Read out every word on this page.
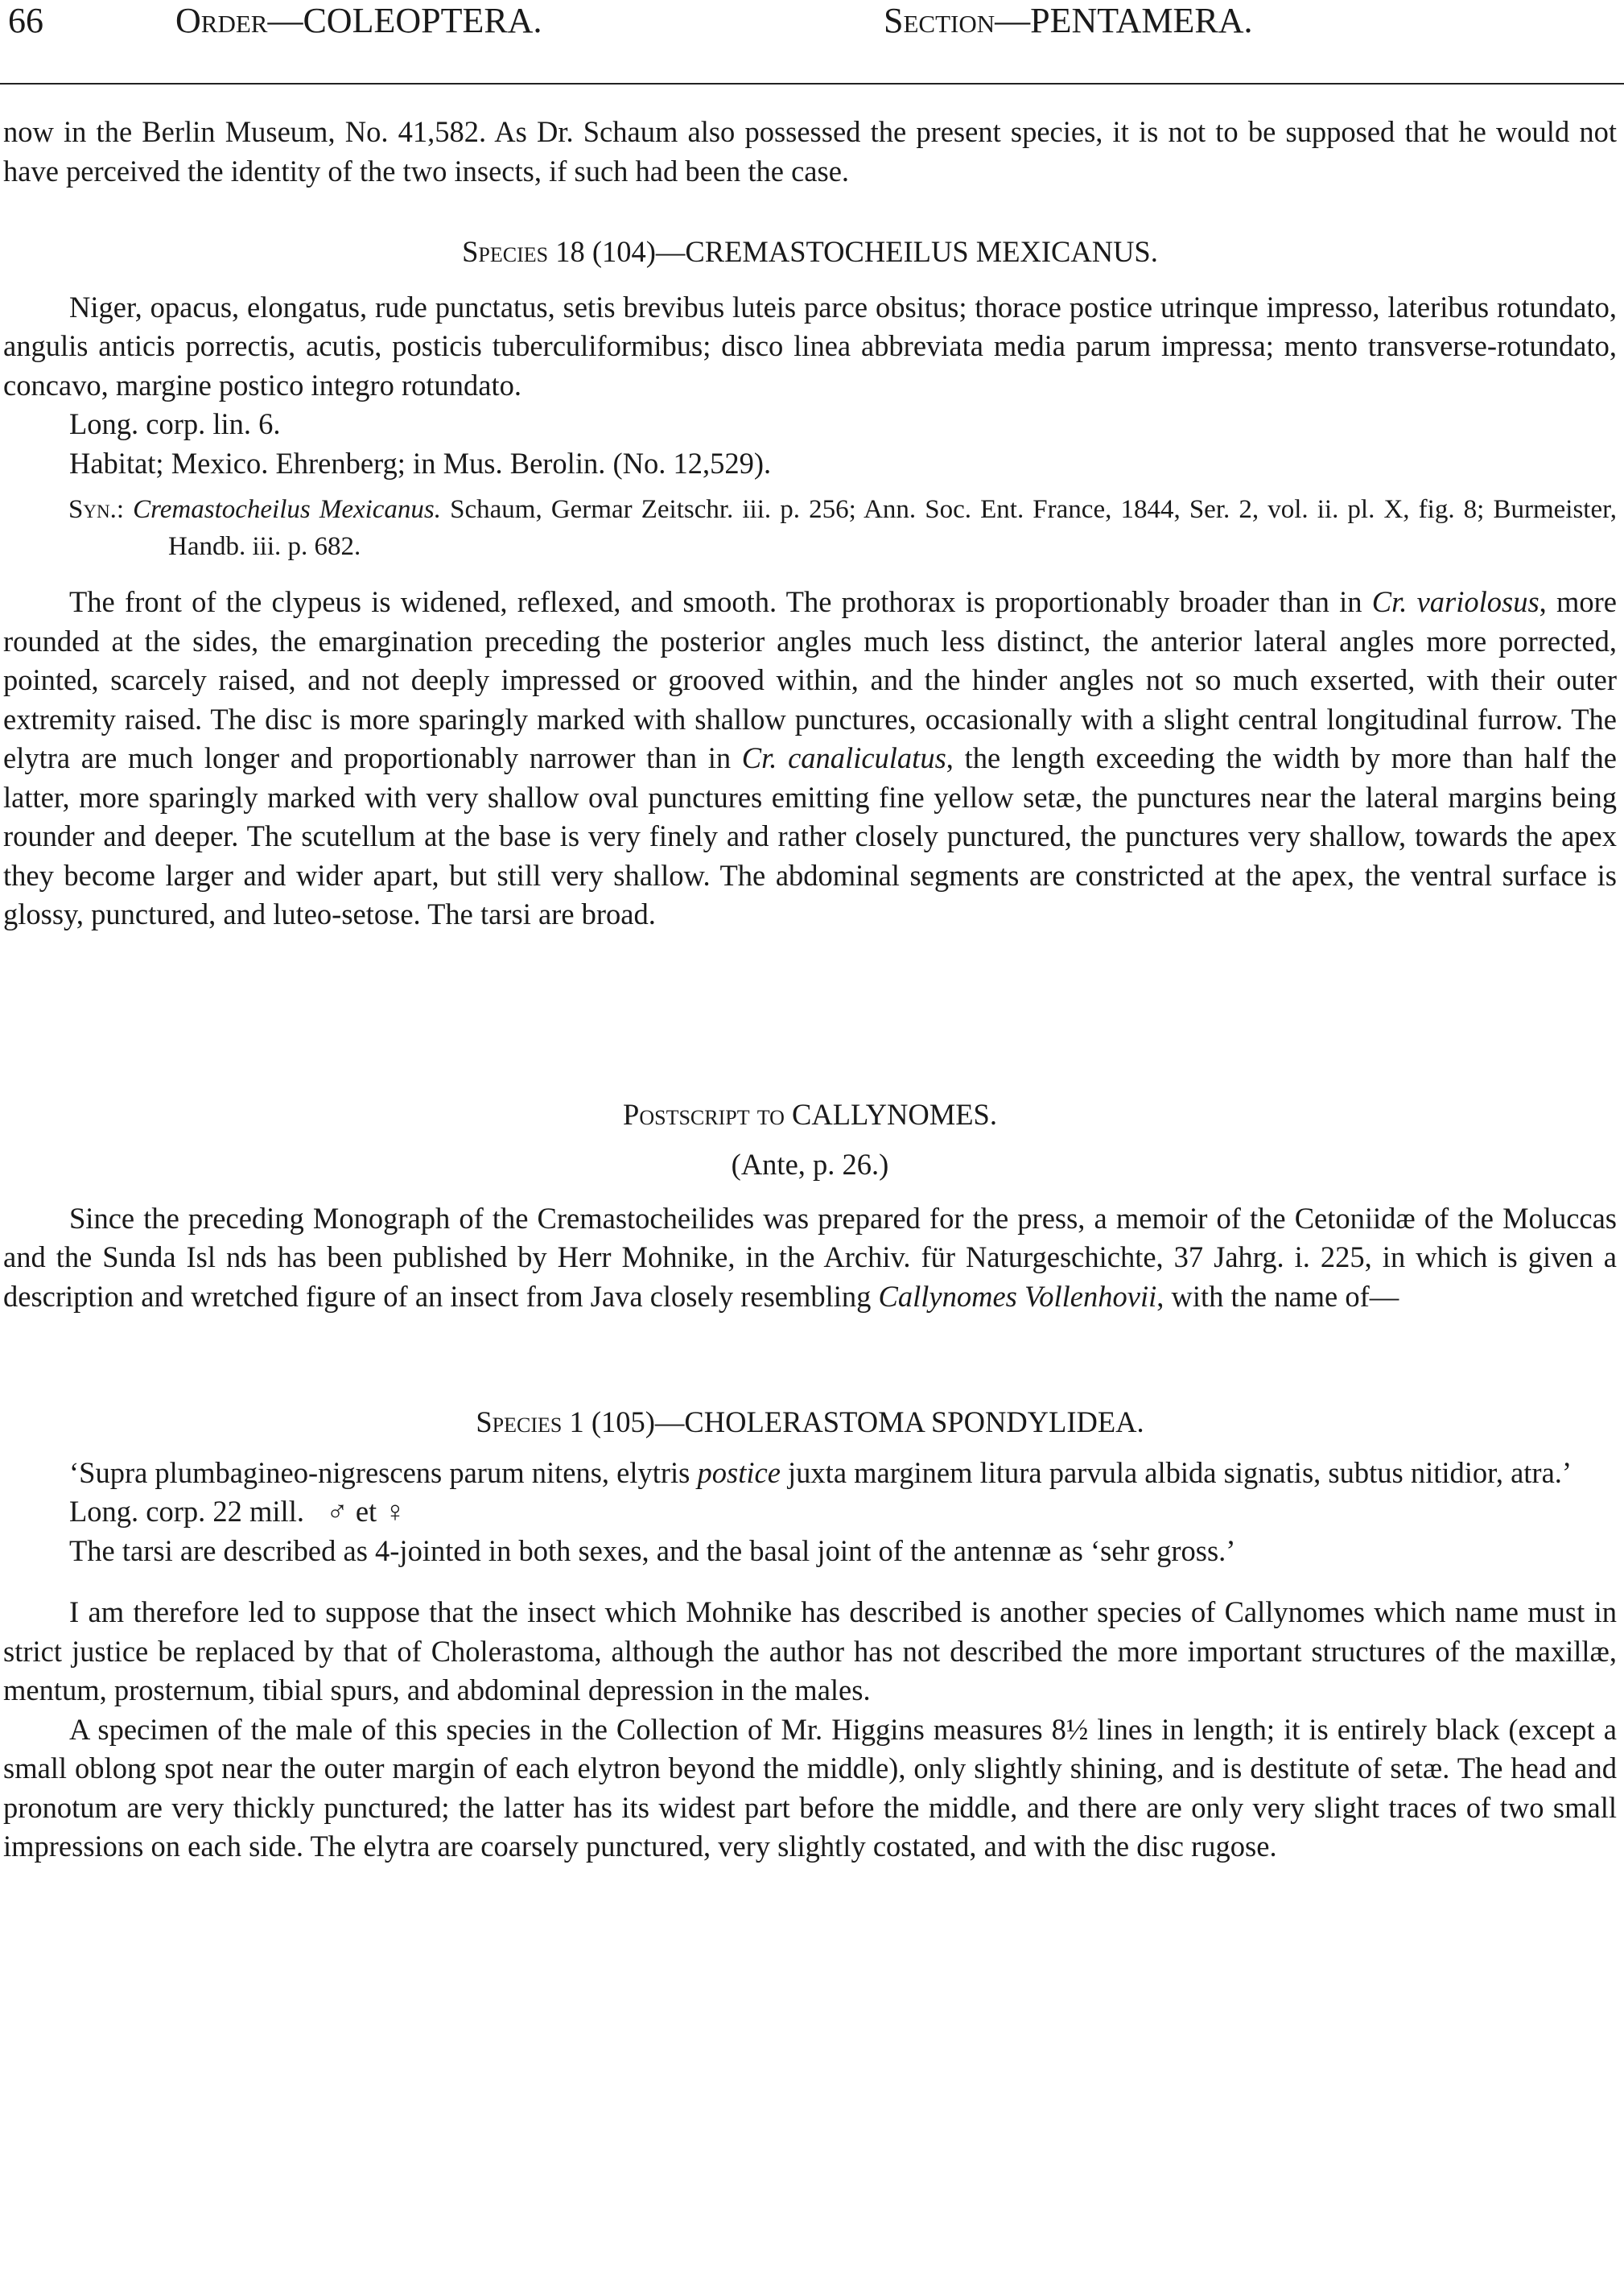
66	Order—COLEOPTERA.	Section—PENTAMERA.

now in the Berlin Museum, No. 41,582. As Dr. Schaum also possessed the present species, it is not to be supposed that he would not have perceived the identity of the two insects, if such had been the case.

Species 18 (104)—CREMASTOCHEILUS MEXICANUS.

Niger, opacus, elongatus, rude punctatus, setis brevibus luteis parce obsitus; thorace postice utrinque impresso, lateribus rotundato, angulis anticis porrectis, acutis, posticis tuberculiformibus; disco linea abbreviata media parum impressa; mento transverse-rotundato, concavo, margine postico integro rotundato.

Long. corp. lin. 6.

Habitat; Mexico. Ehrenberg; in Mus. Berolin. (No. 12,529).

Syn.: Cremastocheilus Mexicanus. Schaum, Germar Zeitschr. iii. p. 256; Ann. Soc. Ent. France, 1844, Ser. 2, vol. ii. pl. X, fig. 8; Burmeister, Handb. iii. p. 682.

The front of the clypeus is widened, reflexed, and smooth. The prothorax is proportionably broader than in Cr. variolosus, more rounded at the sides, the emargination preceding the posterior angles much less distinct, the anterior lateral angles more porrected, pointed, scarcely raised, and not deeply impressed or grooved within, and the hinder angles not so much exserted, with their outer extremity raised. The disc is more sparingly marked with shallow punctures, occasionally with a slight central longitudinal furrow. The elytra are much longer and proportionably narrower than in Cr. canaliculatus, the length exceeding the width by more than half the latter, more sparingly marked with very shallow oval punctures emitting fine yellow setæ, the punctures near the lateral margins being rounder and deeper. The scutellum at the base is very finely and rather closely punctured, the punctures very shallow, towards the apex they become larger and wider apart, but still very shallow. The abdominal segments are constricted at the apex, the ventral surface is glossy, punctured, and luteo-setose. The tarsi are broad.

Postscript to CALLYNOMES.

(Ante, p. 26.)

Since the preceding Monograph of the Cremastocheilides was prepared for the press, a memoir of the Cetoniidæ of the Moluccas and the Sunda Isl nds has been published by Herr Mohnike, in the Archiv. für Naturgeschichte, 37 Jahrg. i. 225, in which is given a description and wretched figure of an insect from Java closely resembling Callynomes Vollenhovii, with the name of—

Species 1 (105)—CHOLERASTOMA SPONDYLIDEA.

‘Supra plumbagineo-nigrescens parum nitens, elytris postice juxta marginem litura parvula albida signatis, subtus nitidior, atra.’

Long. corp. 22 mill.   ♂ et ♀

The tarsi are described as 4-jointed in both sexes, and the basal joint of the antennæ as ‘sehr gross.’

I am therefore led to suppose that the insect which Mohnike has described is another species of Callynomes which name must in strict justice be replaced by that of Cholerastoma, although the author has not described the more important structures of the maxillæ, mentum, prosternum, tibial spurs, and abdominal depression in the males.

A specimen of the male of this species in the Collection of Mr. Higgins measures 8½ lines in length; it is entirely black (except a small oblong spot near the outer margin of each elytron beyond the middle), only slightly shining, and is destitute of setæ. The head and pronotum are very thickly punctured; the latter has its widest part before the middle, and there are only very slight traces of two small impressions on each side. The elytra are coarsely punctured, very slightly costated, and with the disc rugose.
